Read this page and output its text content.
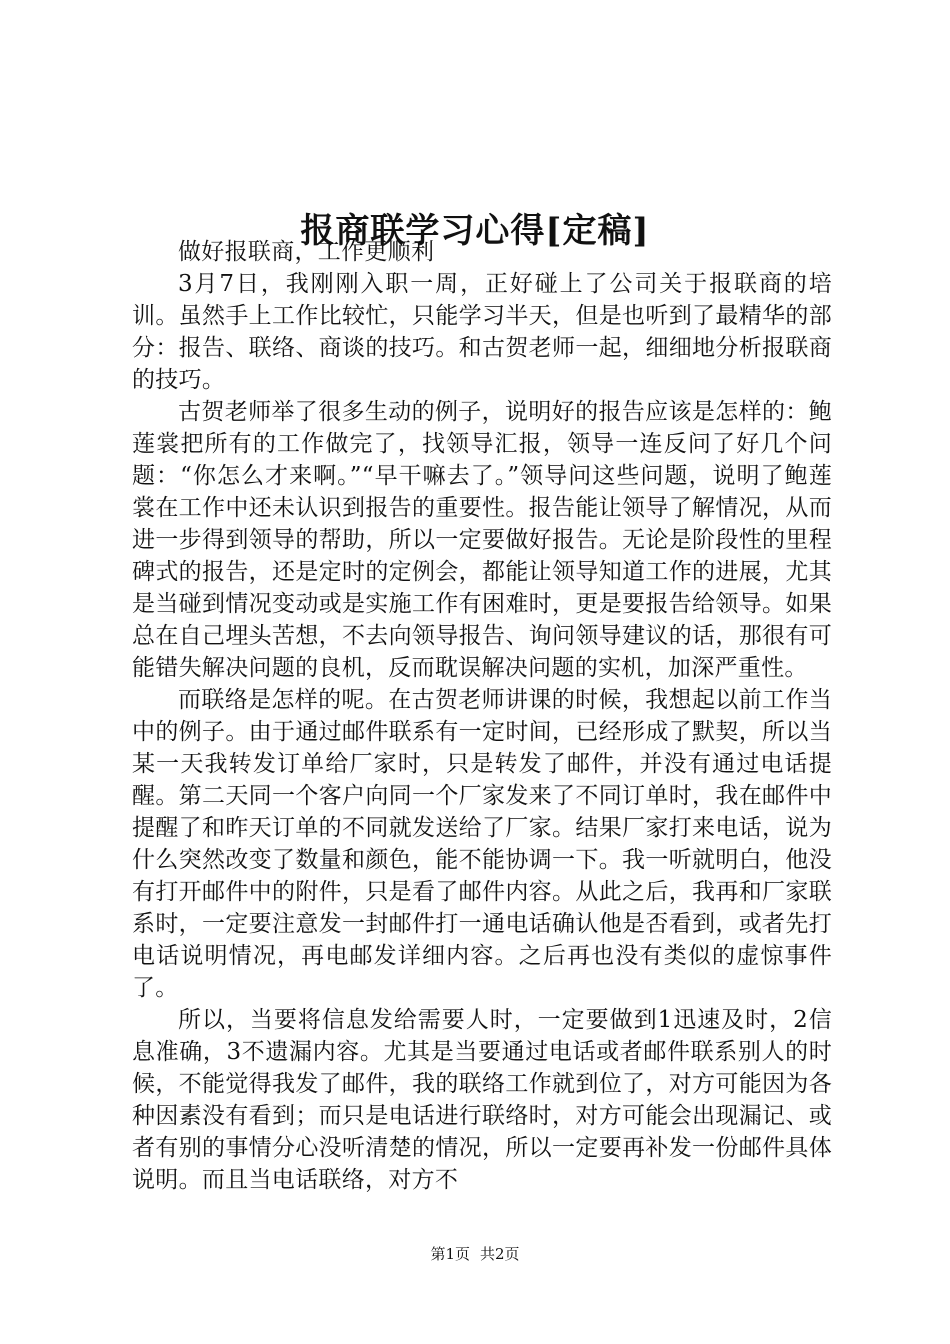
报商联学习心得[定稿]

做好报联商，工作更顺利

3月7日，我刚刚入职一周，正好碰上了公司关于报联商的培训。虽然手上工作比较忙，只能学习半天，但是也听到了最精华的部分：报告、联络、商谈的技巧。和古贺老师一起，细细地分析报联商的技巧。

古贺老师举了很多生动的例子，说明好的报告应该是怎样的：鲍莲裳把所有的工作做完了，找领导汇报，领导一连反问了好几个问题：“你怎么才来啊。”“早干嘛去了。”领导问这些问题，说明了鲍莲裳在工作中还未认识到报告的重要性。报告能让领导了解情况，从而进一步得到领导的帮助，所以一定要做好报告。无论是阶段性的里程碑式的报告，还是定时的定例会，都能让领导知道工作的进展，尤其是当碰到情况变动或是实施工作有困难时，更是要报告给领导。如果总在自己埋头苦想，不去向领导报告、询问领导建议的话，那很有可能错失解决问题的良机，反而耽误解决问题的实机，加深严重性。

而联络是怎样的呢。在古贺老师讲课的时候，我想起以前工作当中的例子。由于通过邮件联系有一定时间，已经形成了默契，所以当某一天我转发订单给厂家时，只是转发了邮件，并没有通过电话提醒。第二天同一个客户向同一个厂家发来了不同订单时，我在邮件中提醒了和昨天订单的不同就发送给了厂家。结果厂家打来电话，说为什么突然改变了数量和颜色，能不能协调一下。我一听就明白，他没有打开邮件中的附件，只是看了邮件内容。从此之后，我再和厂家联系时，一定要注意发一封邮件打一通电话确认他是否看到，或者先打电话说明情况，再电邮发详细内容。之后再也没有类似的虚惊事件了。

所以，当要将信息发给需要人时，一定要做到1迅速及时，2信息准确，3不遗漏内容。尤其是当要通过电话或者邮件联系别人的时候，不能觉得我发了邮件，我的联络工作就到位了，对方可能因为各种因素没有看到；而只是电话进行联络时，对方可能会出现漏记、或者有别的事情分心没听清楚的情况，所以一定要再补发一份邮件具体说明。而且当电话联络，对方不

第1页 共2页
